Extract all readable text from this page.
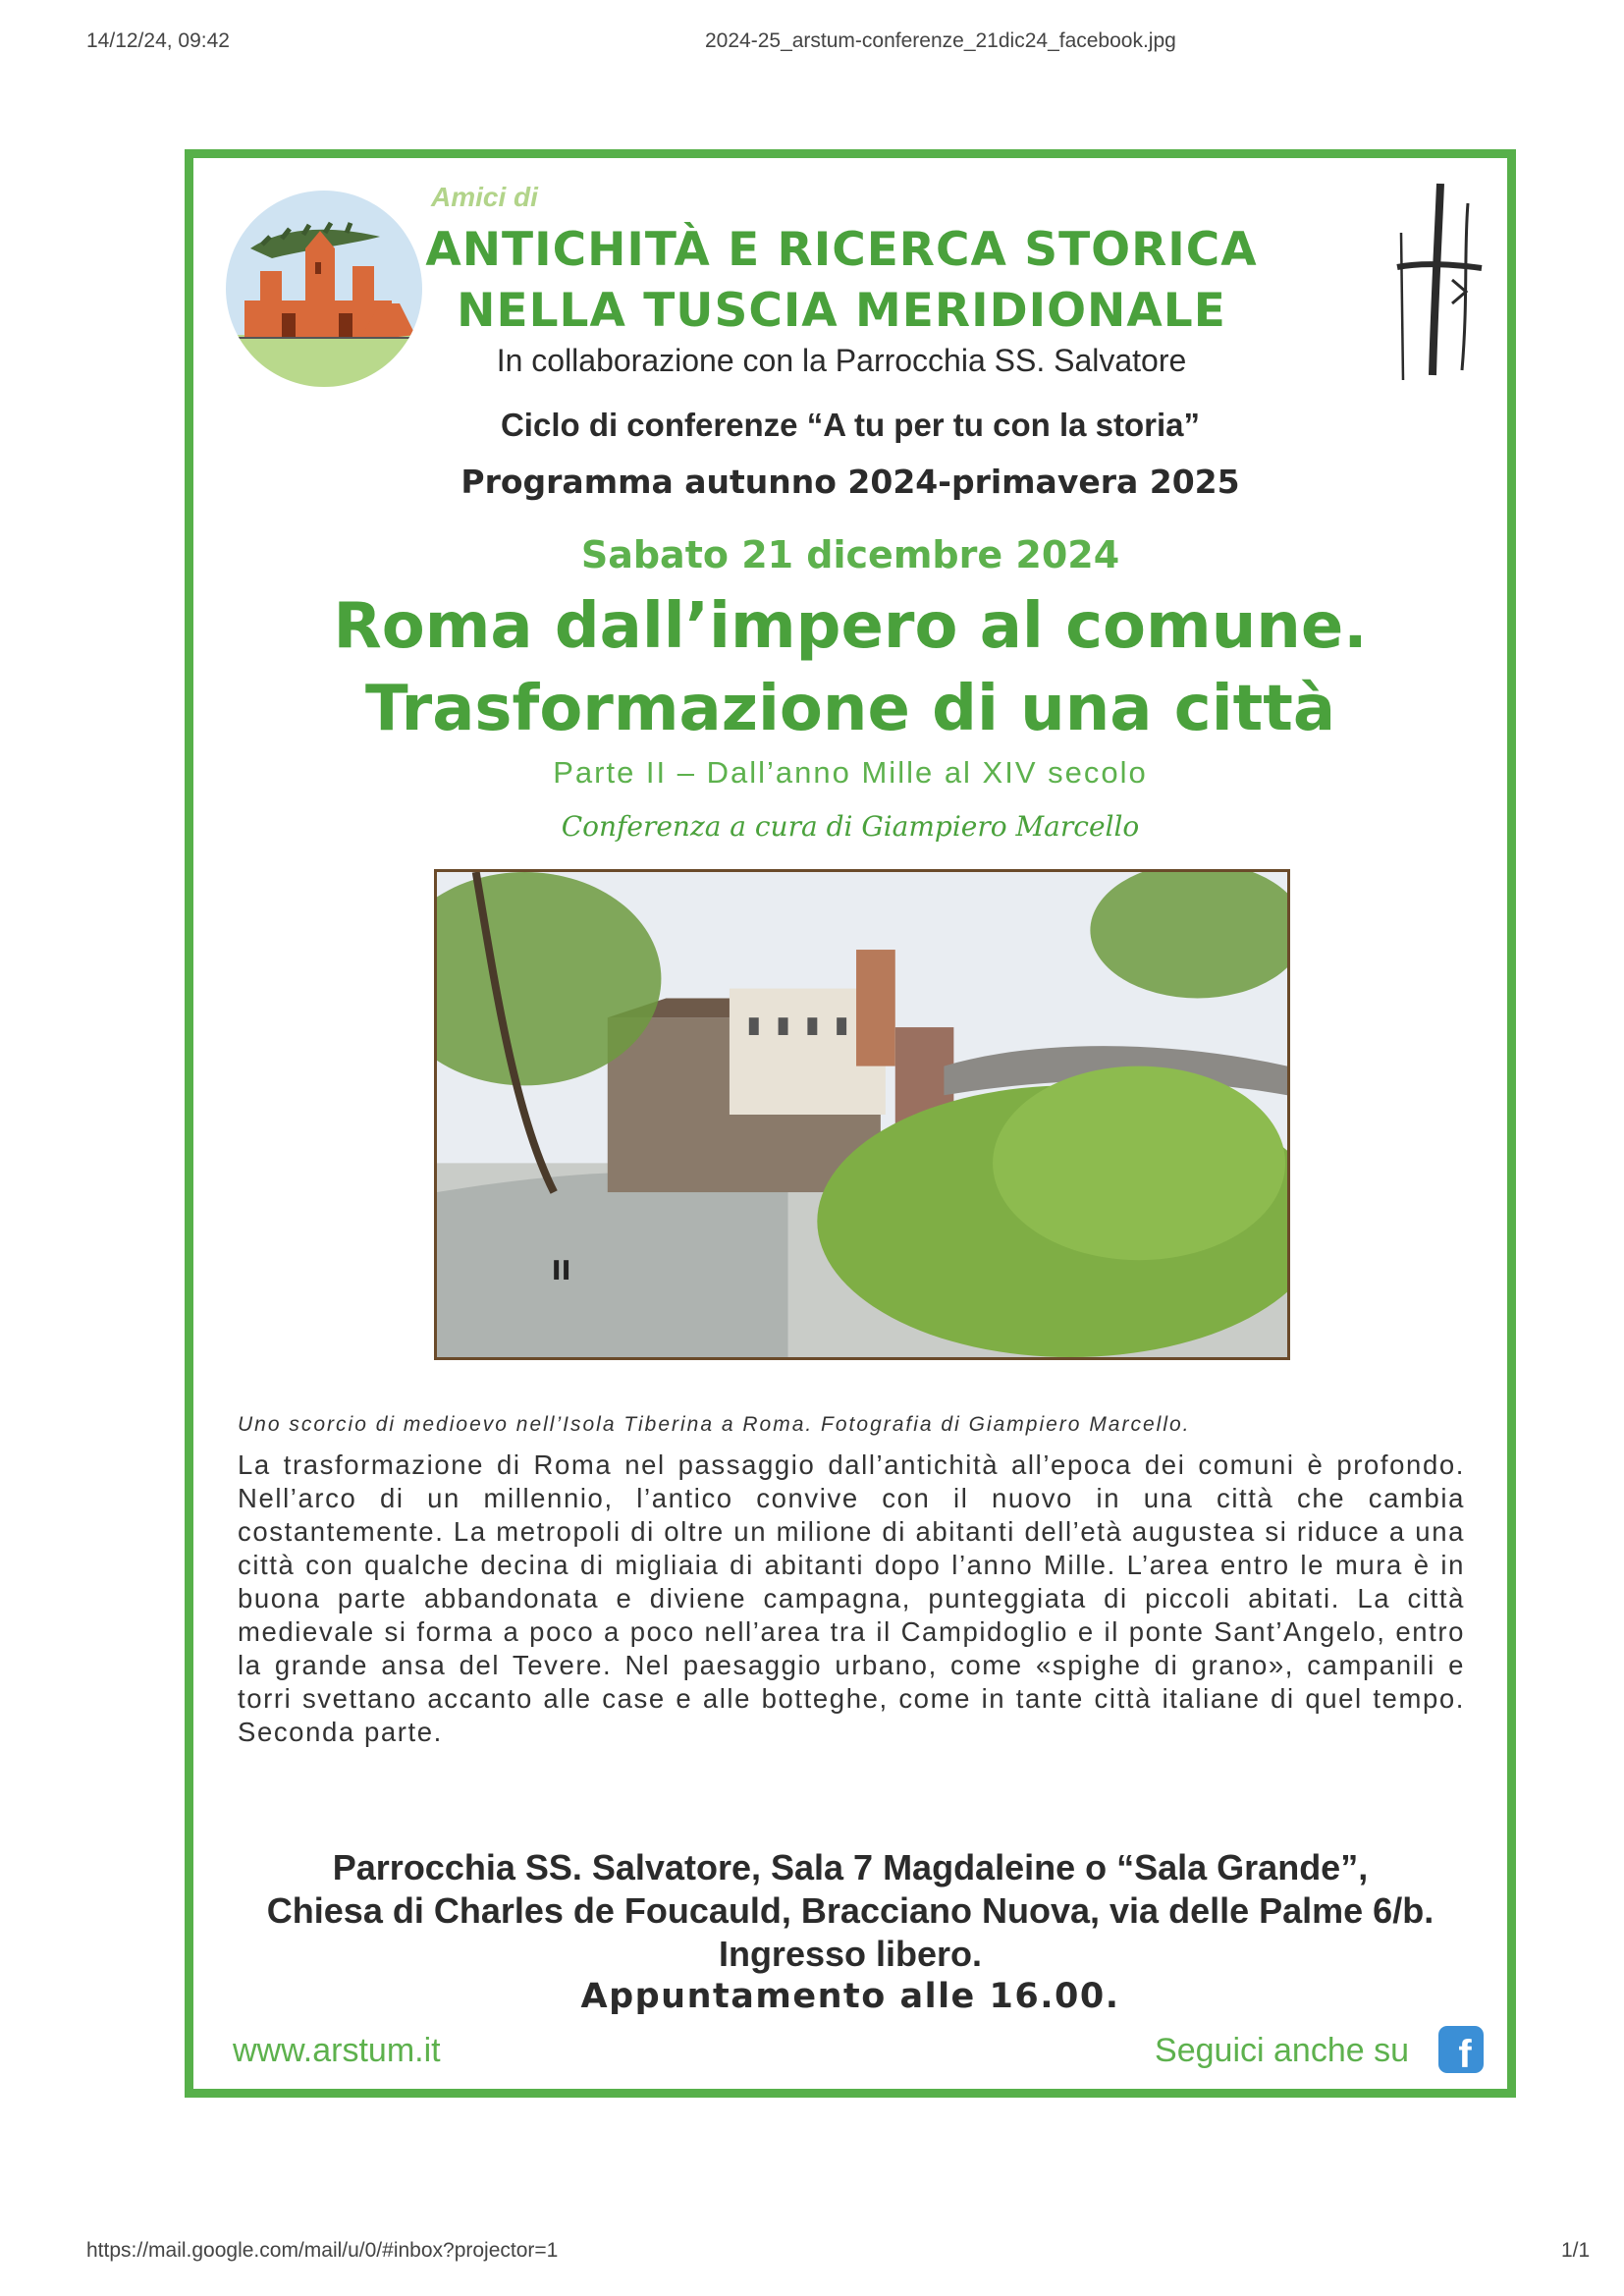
14/12/24, 09:42	2024-25_arstum-conferenze_21dic24_facebook.jpg
Amici di
ANTICHITÀ E RICERCA STORICA
NELLA TUSCIA MERIDIONALE
In collaborazione con la Parrocchia SS. Salvatore
Ciclo di conferenze “A tu per tu con la storia”
Programma autunno 2024-primavera 2025
Sabato 21 dicembre 2024
Roma dall’impero al comune.
Trasformazione di una città
Parte II – Dall’anno Mille al XIV secolo
Conferenza a cura di Giampiero Marcello
Uno scorcio di medioevo nell’Isola Tiberina a Roma. Fotografia di Giampiero Marcello.
La trasformazione di Roma nel passaggio dall’antichità all’epoca dei comuni è profondo. Nell’arco di un millennio, l’antico convive con il nuovo in una città che cambia costantemente. La metropoli di oltre un milione di abitanti dell’età augustea si riduce a una città con qualche decina di migliaia di abitanti dopo l’anno Mille. L’area entro le mura è in buona parte abbandonata e diviene campagna, punteggiata di piccoli abitati. La città medievale si forma a poco a poco nell’area tra il Campidoglio e il ponte Sant’Angelo, entro la grande ansa del Tevere. Nel paesaggio urbano, come «spighe di grano», campanili e torri svettano accanto alle case e alle botteghe, come in tante città italiane di quel tempo. Seconda parte.
Parrocchia SS. Salvatore, Sala 7 Magdaleine o “Sala Grande”,
Chiesa di Charles de Foucauld, Bracciano Nuova, via delle Palme 6/b.
Ingresso libero.
Appuntamento alle 16.00.
www.arstum.it	Seguici anche su f
https://mail.google.com/mail/u/0/#inbox?projector=1	1/1
